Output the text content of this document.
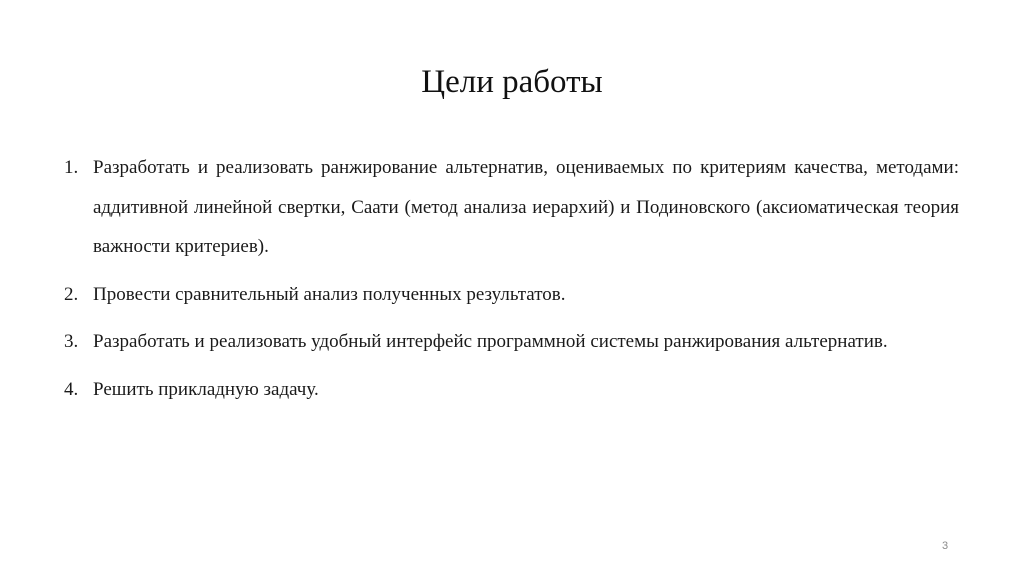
Цели работы
1. Разработать и реализовать ранжирование альтернатив, оцениваемых по критериям качества, методами: аддитивной линейной свертки, Саати (метод анализа иерархий) и Подиновского (аксиоматическая теория важности критериев).
2. Провести сравнительный анализ полученных результатов.
3. Разработать и реализовать удобный интерфейс программной системы ранжирования альтернатив.
4. Решить прикладную задачу.
3
